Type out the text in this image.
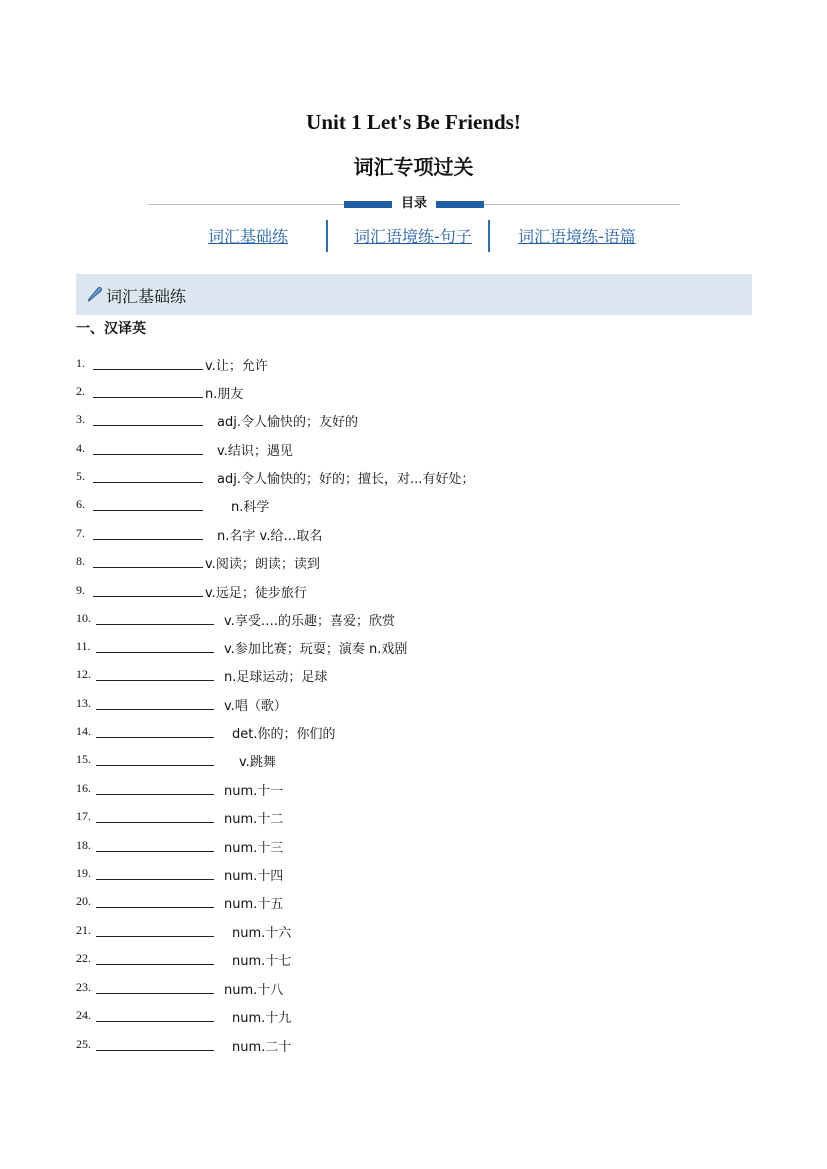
Unit 1 Let's Be Friends!
词汇专项过关
目录
词汇基础练	词汇语境练-句子	词汇语境练-语篇
词汇基础练
一、汉译英
1.	v.让；允许
2.	n.朋友
3.	adj.令人愉快的；友好的
4.	v.结识；遇见
5.	adj.令人愉快的；好的；擅长，对...有好处；
6.	n.科学
7.	n.名字 v.给…取名
8.	v.阅读；朗读；读到
9.	v.远足；徒步旅行
10.	v.享受….的乐趣；喜爱；欣赏
11.	v.参加比赛；玩耍；演奏 n.戏剧
12.	n.足球运动；足球
13.	v.唱（歌）
14.	det.你的；你们的
15.	v.跳舞
16.	num.十一
17.	num.十二
18.	num.十三
19.	num.十四
20.	num.十五
21.	num.十六
22.	num.十七
23.	num.十八
24.	num.十九
25.	num.二十
